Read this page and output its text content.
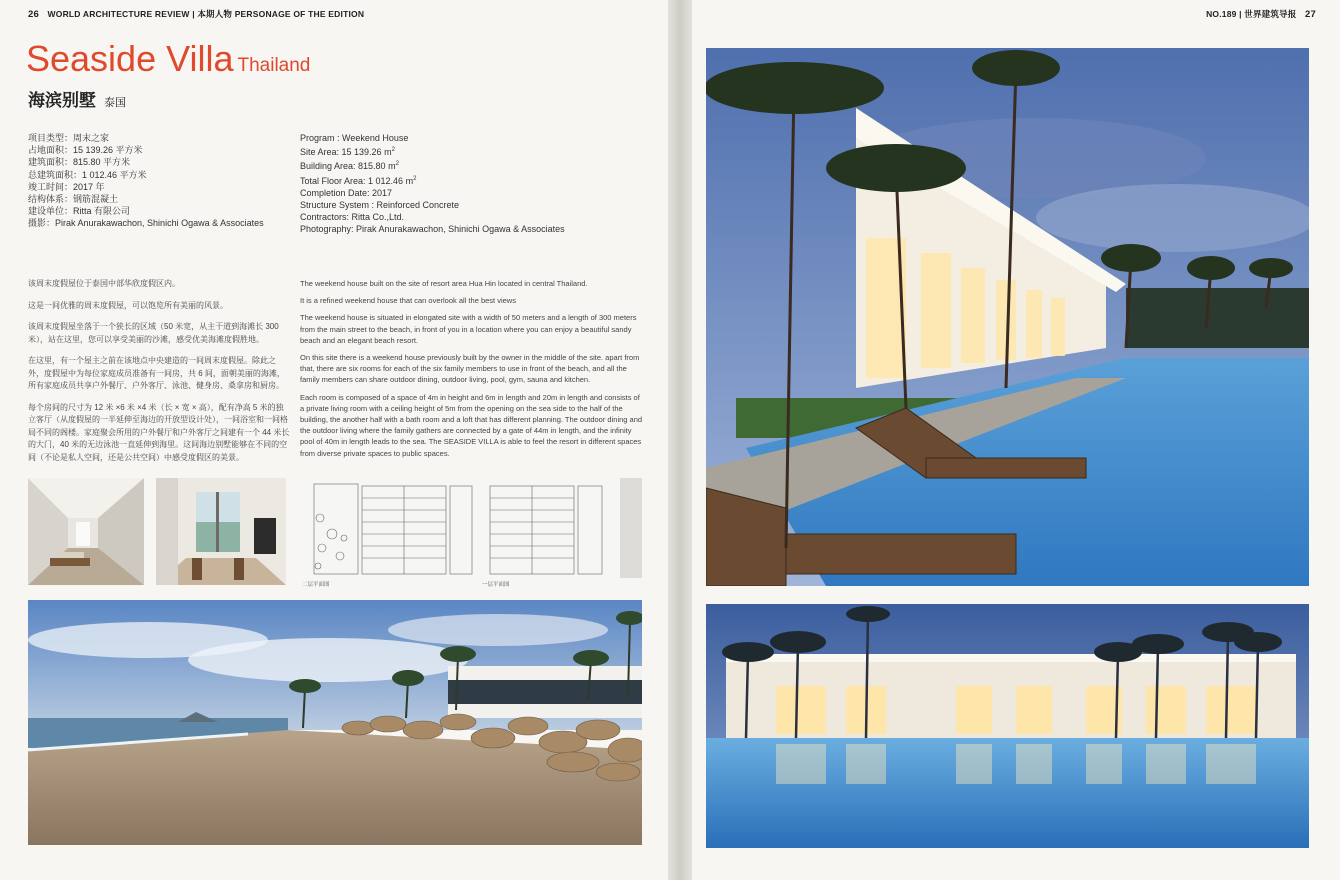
26 WORLD ARCHITECTURE REVIEW | 本期人物 PERSONAGE OF THE EDITION
Seaside Villa Thailand
海滨别墅 泰国
项目类型：周末之家
占地面积：15 139.26 平方米
建筑面积：815.80 平方米
总建筑面积：1 012.46 平方米
竣工时间：2017 年
结构体系：钢筋混凝土
建设单位：Ritta 有限公司
摄影：Pirak Anurakawachon, Shinichi Ogawa & Associates
Program : Weekend House
Site Area: 15 139.26 $m^2$
Building Area: 815.80 $m^2$
Total Floor Area: 1 012.46 $m^2$
Completion Date: 2017
Structure System : Reinforced Concrete
Contractors: Ritta Co.,Ltd.
Photography: Pirak Anurakawachon, Shinichi Ogawa & Associates

该周末度假屋位于泰国中部华欣度假区内。

这是一间优雅的周末度假屋，可以饱览所有美丽的风景。

该周末度假屋坐落于一个狭长的区域（50 米宽，从主干道到海滩长 300 米），站在这里，您可以享受美丽的沙滩，感受优美海滩度假胜地。

在这里，有一个屋主之前在该地点中央建造的一间周末度假屋。除此之外，度假屋中为每位家庭成员准备有一间房，共 6 间，面朝美丽的海滩，所有家庭成员共享户外餐厅、户外客厅、泳池、健身房、桑拿房和厨房。

每个房间的尺寸为 12 米 ×6 米 ×4 米（长 × 宽 × 高），配有净高 5 米的独立客厅（从度假屋的一半延伸至海边的开放型设计处），一间浴室和一间格局不同的阁楼。家庭聚会所用的户外餐厅和户外客厅之间建有一个 44 米长的大门，40 米的无边泳池一直延伸到海里。这间海边别墅能够在不同的空间（不论是私人空间，还是公共空间）中感受度假区的美景。

The weekend house built on the site of resort area Hua Hin located in central Thailand.

It is a refined weekend house that can overlook all the best views

The weekend house is situated in elongated site with a width of 50 meters and a length of 300 meters from the main street to the beach, in front of you in a location where you can enjoy a beautiful sandy beach and an elegant beach resort.

On this site there is a weekend house previously built by the owner in the middle of the site. apart from that, there are six rooms for each of the six family members to use in front of the beach, and all the family members can share outdoor dining, outdoor living, pool, gym, sauna and kitchen.

Each room is composed of a space of 4m in height and 6m in length and 20m in length and consists of a private living room with a ceiling height of 5m from the opening on the sea side to the half of the building, the another half with a bath room and a loft that has different planning. The outdoor dining and the outdoor living where the family gathers are connected by a gate of 44m in length, and the infinity pool of 40m in length leads to the sea. The SEASIDE VILLA is able to feel the resort in different spaces from diverse private spaces to public spaces.

二层平面图	一层平面图
NO.189 | 世界建筑导报 27
